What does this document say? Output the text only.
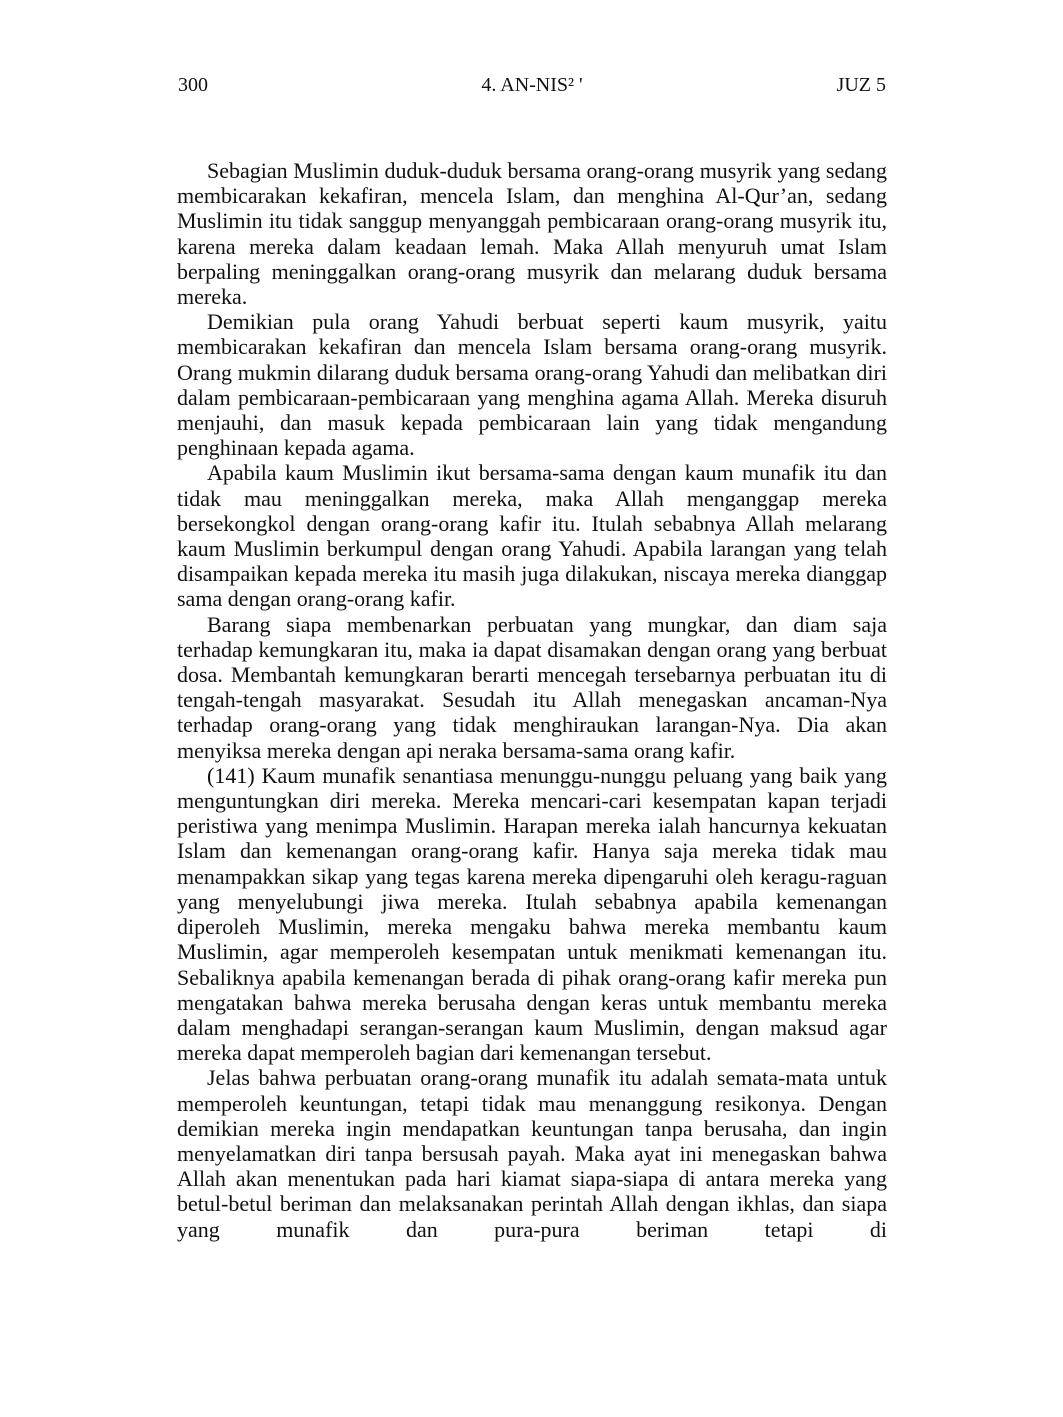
300	4. AN-NIS² '	JUZ 5

Sebagian Muslimin duduk-duduk bersama orang-orang musyrik yang sedang membicarakan kekafiran, mencela Islam, dan menghina Al-Qur’an, sedang Muslimin itu tidak sanggup menyanggah pembicaraan orang-orang musyrik itu, karena mereka dalam keadaan lemah. Maka Allah menyuruh umat Islam berpaling meninggalkan orang-orang musyrik dan melarang duduk bersama mereka.

Demikian pula orang Yahudi berbuat seperti kaum musyrik, yaitu membicarakan kekafiran dan mencela Islam bersama orang-orang musyrik. Orang mukmin dilarang duduk bersama orang-orang Yahudi dan melibatkan diri dalam pembicaraan-pembicaraan yang menghina agama Allah. Mereka disuruh menjauhi, dan masuk kepada pembicaraan lain yang tidak mengandung penghinaan kepada agama.

Apabila kaum Muslimin ikut bersama-sama dengan kaum munafik itu dan tidak mau meninggalkan mereka, maka Allah menganggap mereka bersekongkol dengan orang-orang kafir itu. Itulah sebabnya Allah melarang kaum Muslimin berkumpul dengan orang Yahudi. Apabila larangan yang telah disampaikan kepada mereka itu masih juga dilakukan, niscaya mereka dianggap sama dengan orang-orang kafir.

Barang siapa membenarkan perbuatan yang mungkar, dan diam saja terhadap kemungkaran itu, maka ia dapat disamakan dengan orang yang berbuat dosa. Membantah kemungkaran berarti mencegah tersebarnya perbuatan itu di tengah-tengah masyarakat. Sesudah itu Allah menegaskan ancaman-Nya terhadap orang-orang yang tidak menghiraukan larangan-Nya. Dia akan menyiksa mereka dengan api neraka bersama-sama orang kafir.

(141) Kaum munafik senantiasa menunggu-nunggu peluang yang baik yang menguntungkan diri mereka. Mereka mencari-cari kesempatan kapan terjadi peristiwa yang menimpa Muslimin. Harapan mereka ialah hancurnya kekuatan Islam dan kemenangan orang-orang kafir. Hanya saja mereka tidak mau menampakkan sikap yang tegas karena mereka dipengaruhi oleh keragu-raguan yang menyelubungi jiwa mereka. Itulah sebabnya apabila kemenangan diperoleh Muslimin, mereka mengaku bahwa mereka membantu kaum Muslimin, agar memperoleh kesempatan untuk menikmati kemenangan itu. Sebaliknya apabila kemenangan berada di pihak orang-orang kafir mereka pun mengatakan bahwa mereka berusaha dengan keras untuk membantu mereka dalam menghadapi serangan-serangan kaum Muslimin, dengan maksud agar mereka dapat memperoleh bagian dari kemenangan tersebut.

Jelas bahwa perbuatan orang-orang munafik itu adalah semata-mata untuk memperoleh keuntungan, tetapi tidak mau menanggung resikonya. Dengan demikian mereka ingin mendapatkan keuntungan tanpa berusaha, dan ingin menyelamatkan diri tanpa bersusah payah. Maka ayat ini menegaskan bahwa Allah akan menentukan pada hari kiamat siapa-siapa di antara mereka yang betul-betul beriman dan melaksanakan perintah Allah dengan ikhlas, dan siapa yang munafik dan pura-pura beriman tetapi di
